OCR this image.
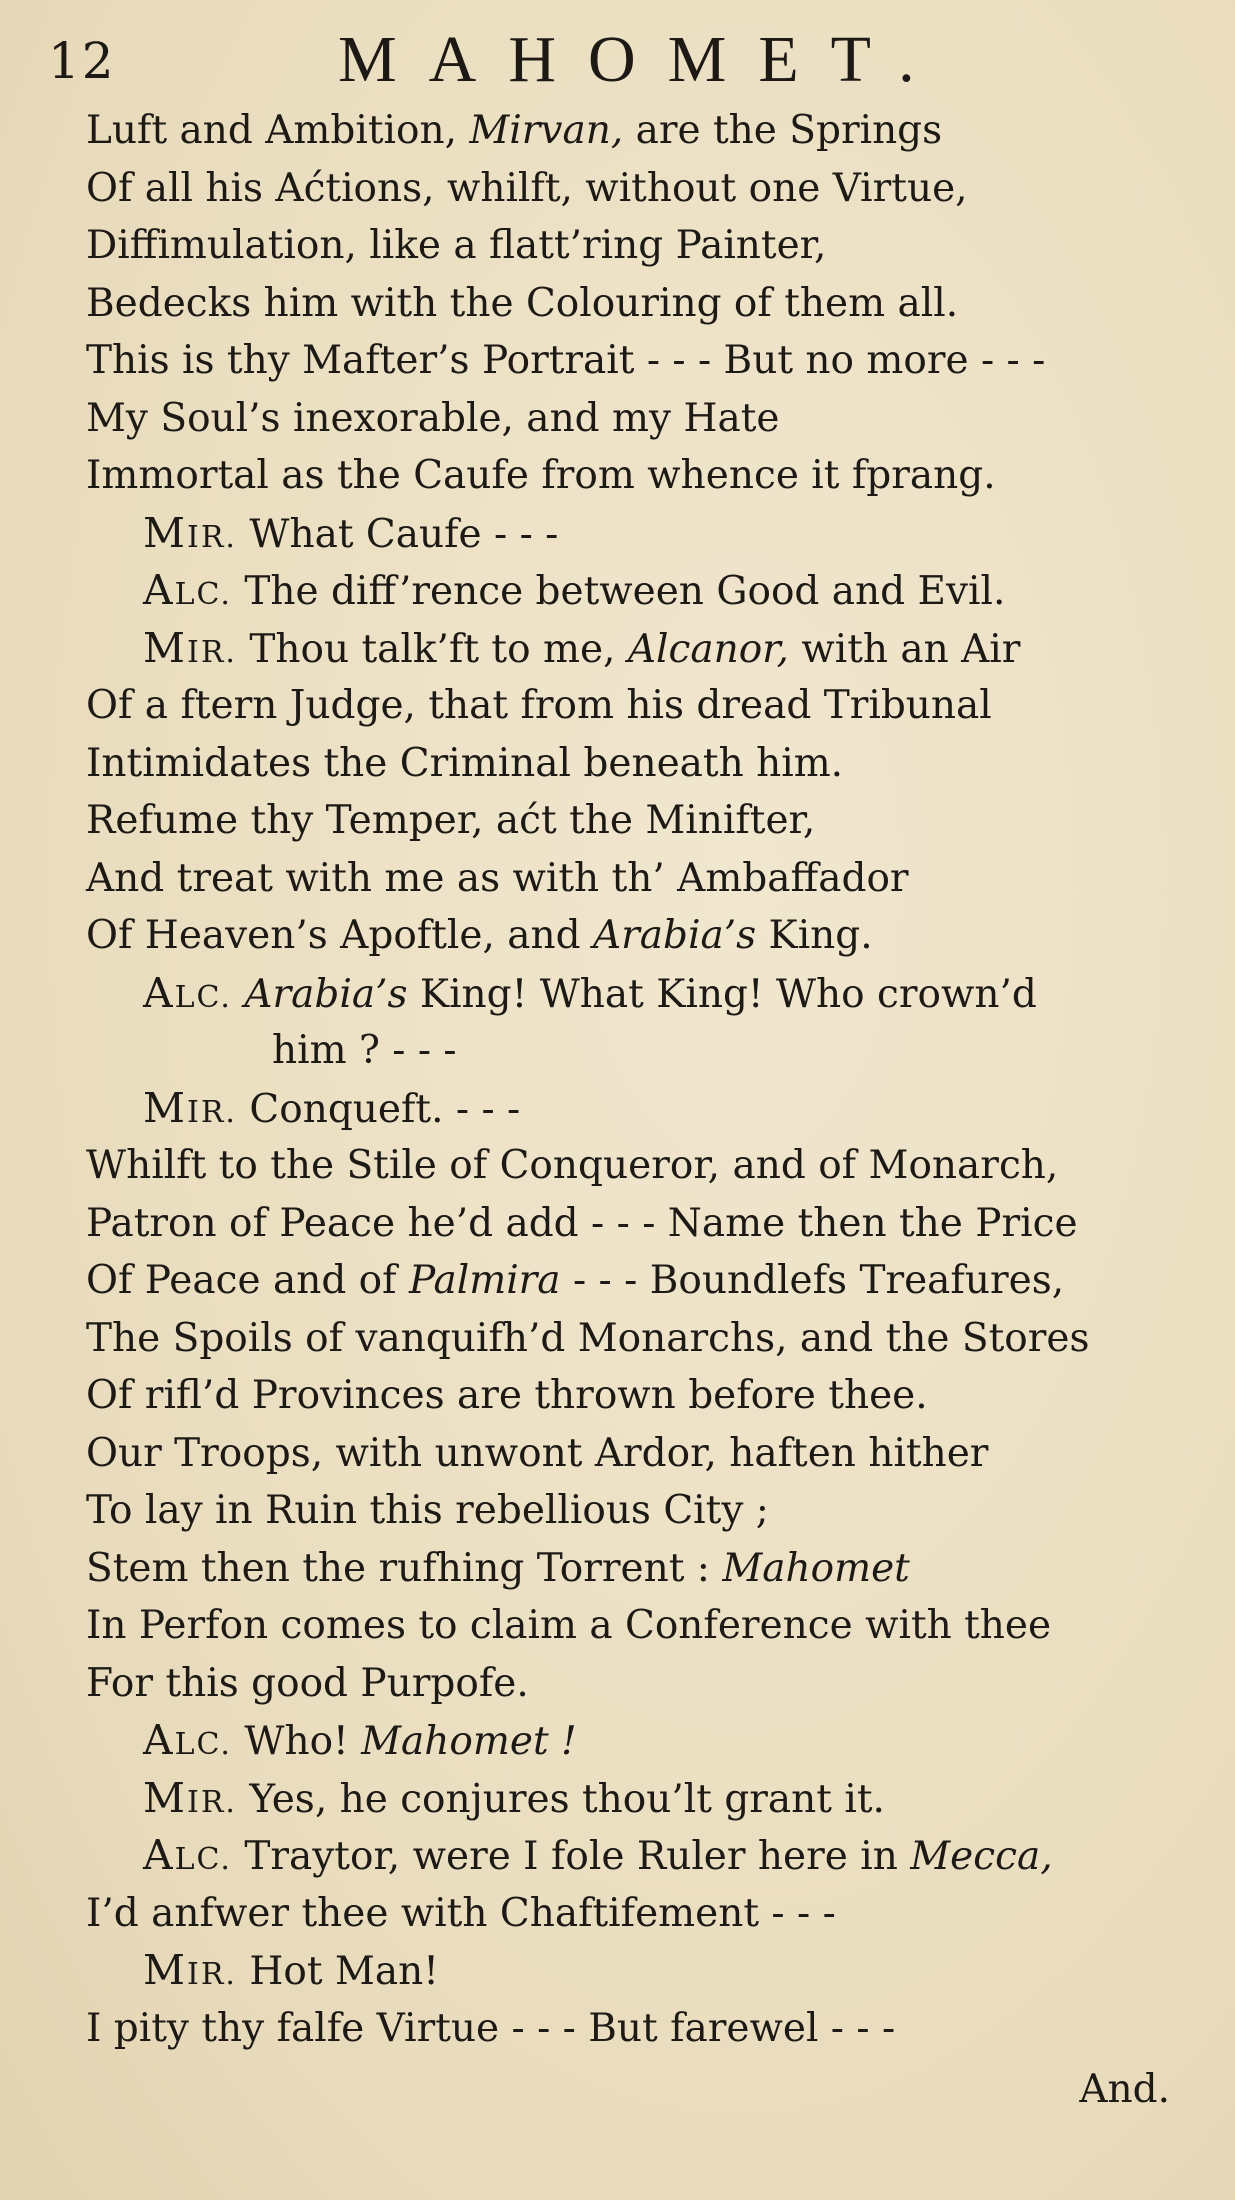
12	MAHOMET.
Luft and Ambition, Mirvan, are the Springs
Of all his Aćtions, whilft, without one Virtue,
Diffimulation, like a flatt’ring Painter,
Bedecks him with the Colouring of them all.
This is thy Mafter’s Portrait - - - But no more - - -
My Soul’s inexorable, and my Hate
Immortal as the Caufe from whence it fprang.
MIR. What Caufe - - -
ALC. The diff’rence between Good and Evil.
MIR. Thou talk’ft to me, Alcanor, with an Air
Of a ftern Judge, that from his dread Tribunal
Intimidates the Criminal beneath him.
Refume thy Temper, aćt the Minifter,
And treat with me as with th’ Ambaffador
Of Heaven’s Apoftle, and Arabia’s King.
ALC. Arabia’s King! What King! Who crown’d
him ? - - -
MIR. Conqueft. - - -
Whilft to the Stile of Conqueror, and of Monarch,
Patron of Peace he’d add - - - Name then the Price
Of Peace and of Palmira - - - Boundlefs Treafures,
The Spoils of vanquifh’d Monarchs, and the Stores
Of rifl’d Provinces are thrown before thee.
Our Troops, with unwont Ardor, haften hither
To lay in Ruin this rebellious City ;
Stem then the rufhing Torrent : Mahomet
In Perfon comes to claim a Conference with thee
For this good Purpofe.
ALC. Who! Mahomet !
MIR. Yes, he conjures thou’lt grant it.
ALC. Traytor, were I fole Ruler here in Mecca,
I’d anfwer thee with Chaftifement - - -
MIR. Hot Man!
I pity thy falfe Virtue - - - But farewel - - -
And.
